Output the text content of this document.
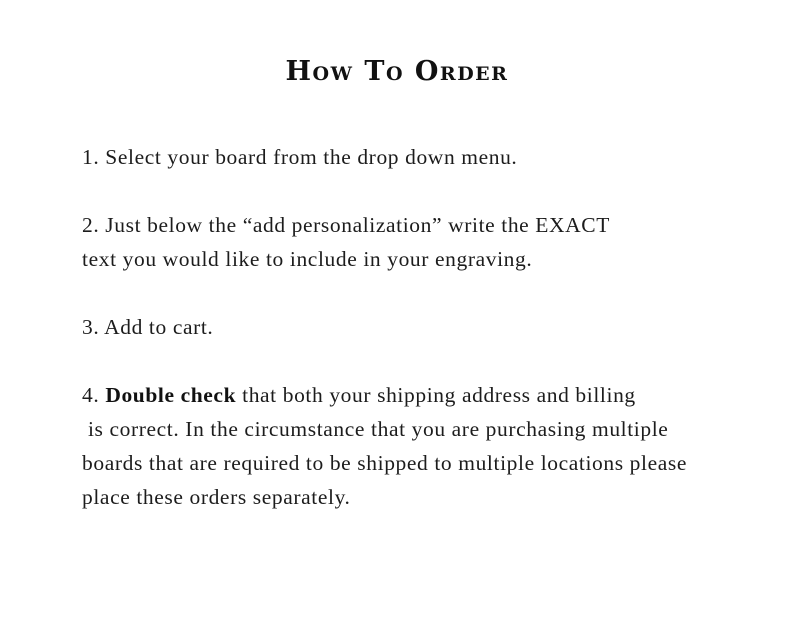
How To Order
1. Select your board from the drop down menu.
2. Just below the “add personalization” write the EXACT
text you would like to include in your engraving.
3. Add to cart.
4. Double check that both your shipping address and billing
is correct. In the circumstance that you are purchasing multiple
boards that are required to be shipped to multiple locations please
place these orders separately.
